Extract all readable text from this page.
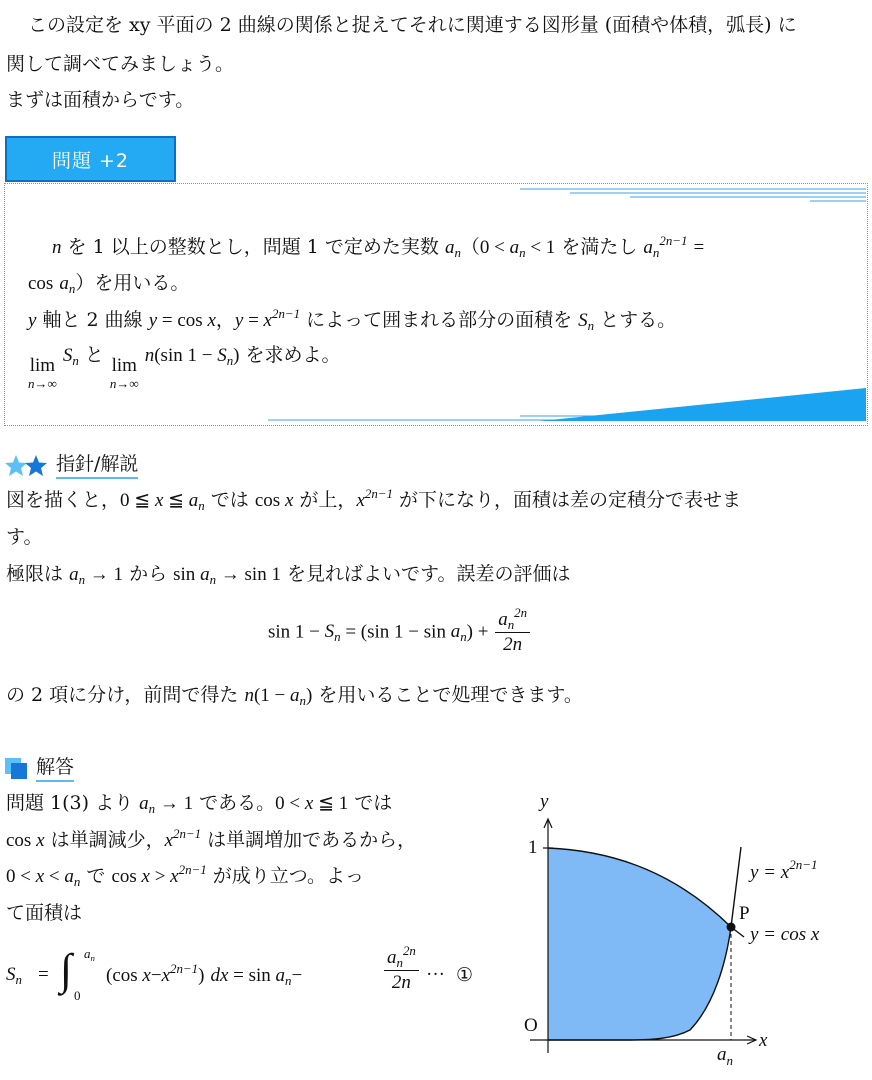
この設定を xy 平面の 2 曲線の関係と捉えてそれに関連する図形量 (面積や体積，弧長) に
関して調べてみましょう。
まずは面積からです。
問題 +2
n を 1 以上の整数とし，問題 1 で定めた実数 $a_n(0 < a_n < 1$ を満たし $a_n^{2n-1}$ =
$\cos a_n$）を用いる。
y 軸と 2 曲線 y = cos x，$y = x^{2n-1}$ によって囲まれる部分の面積を $S_n$ とする。
lim
n→∞
$S_n$ と lim
n→∞
n(sin $1 - S_n$) を求めよ。
指針/解説
図を描くと，0 ≦ x ≦ $a_n$ では cos x が上，$x^{2n-1}$ が下になり，面積は差の定積分で表せま
す。
極限は $a_n \to 1$ から $\sin a_n \to \sin 1$ を見ればよいです。誤差の評価は
$\sin 1 - S_n = (\sin$ $1 - \sin a_n) + \frac{a_n^{2n}}{2n}$
の 2 項に分け，前問で得た $n(1 - a_n)$ を用いることで処理できます。
解答
問題 1(3) より $a_n \to 1$ である。0 < x ≦ 1 では
cos x は単調減少，$x^{2n-1}$ は単調増加であるから，
$0 < x < a_n$ で $\cos x > x^{2n-1}$ が成り立つ。よっ
て面積は
$S_n$ = ∫ $a_n$
0
(cos $x-x^{2n-1}$) dx = $\sin a_n-$	$\frac{a_n^{2n}}{2n}$ ··· ①
y
x
1
O
P
$a_n$
$y = x^{2n-1}$
y = cos x
